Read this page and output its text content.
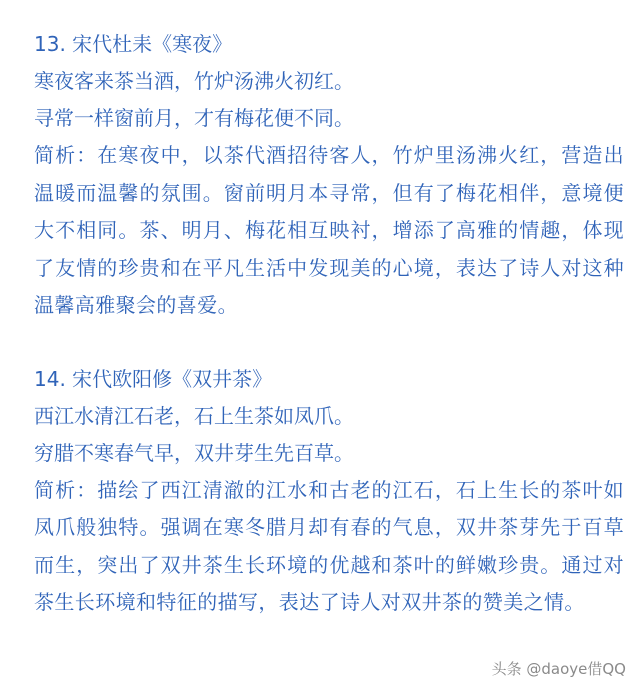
13. 宋代杜耒《寒夜》
寒夜客来茶当酒，竹炉汤沸火初红。
寻常一样窗前月，才有梅花便不同。

简析：在寒夜中，以茶代酒招待客人，竹炉里汤沸火红，营造出温暖而温馨的氛围。窗前明月本寻常，但有了梅花相伴，意境便大不相同。茶、明月、梅花相互映衬，增添了高雅的情趣，体现了友情的珍贵和在平凡生活中发现美的心境，表达了诗人对这种温馨高雅聚会的喜爱。

14. 宋代欧阳修《双井茶》
西江水清江石老，石上生茶如凤爪。
穷腊不寒春气早，双井芽生先百草。

简析：描绘了西江清澈的江水和古老的江石，石上生长的茶叶如凤爪般独特。强调在寒冬腊月却有春的气息，双井茶芽先于百草而生，突出了双井茶生长环境的优越和茶叶的鲜嫩珍贵。通过对茶生长环境和特征的描写，表达了诗人对双井茶的赞美之情。

头条 @daoye借QQ
